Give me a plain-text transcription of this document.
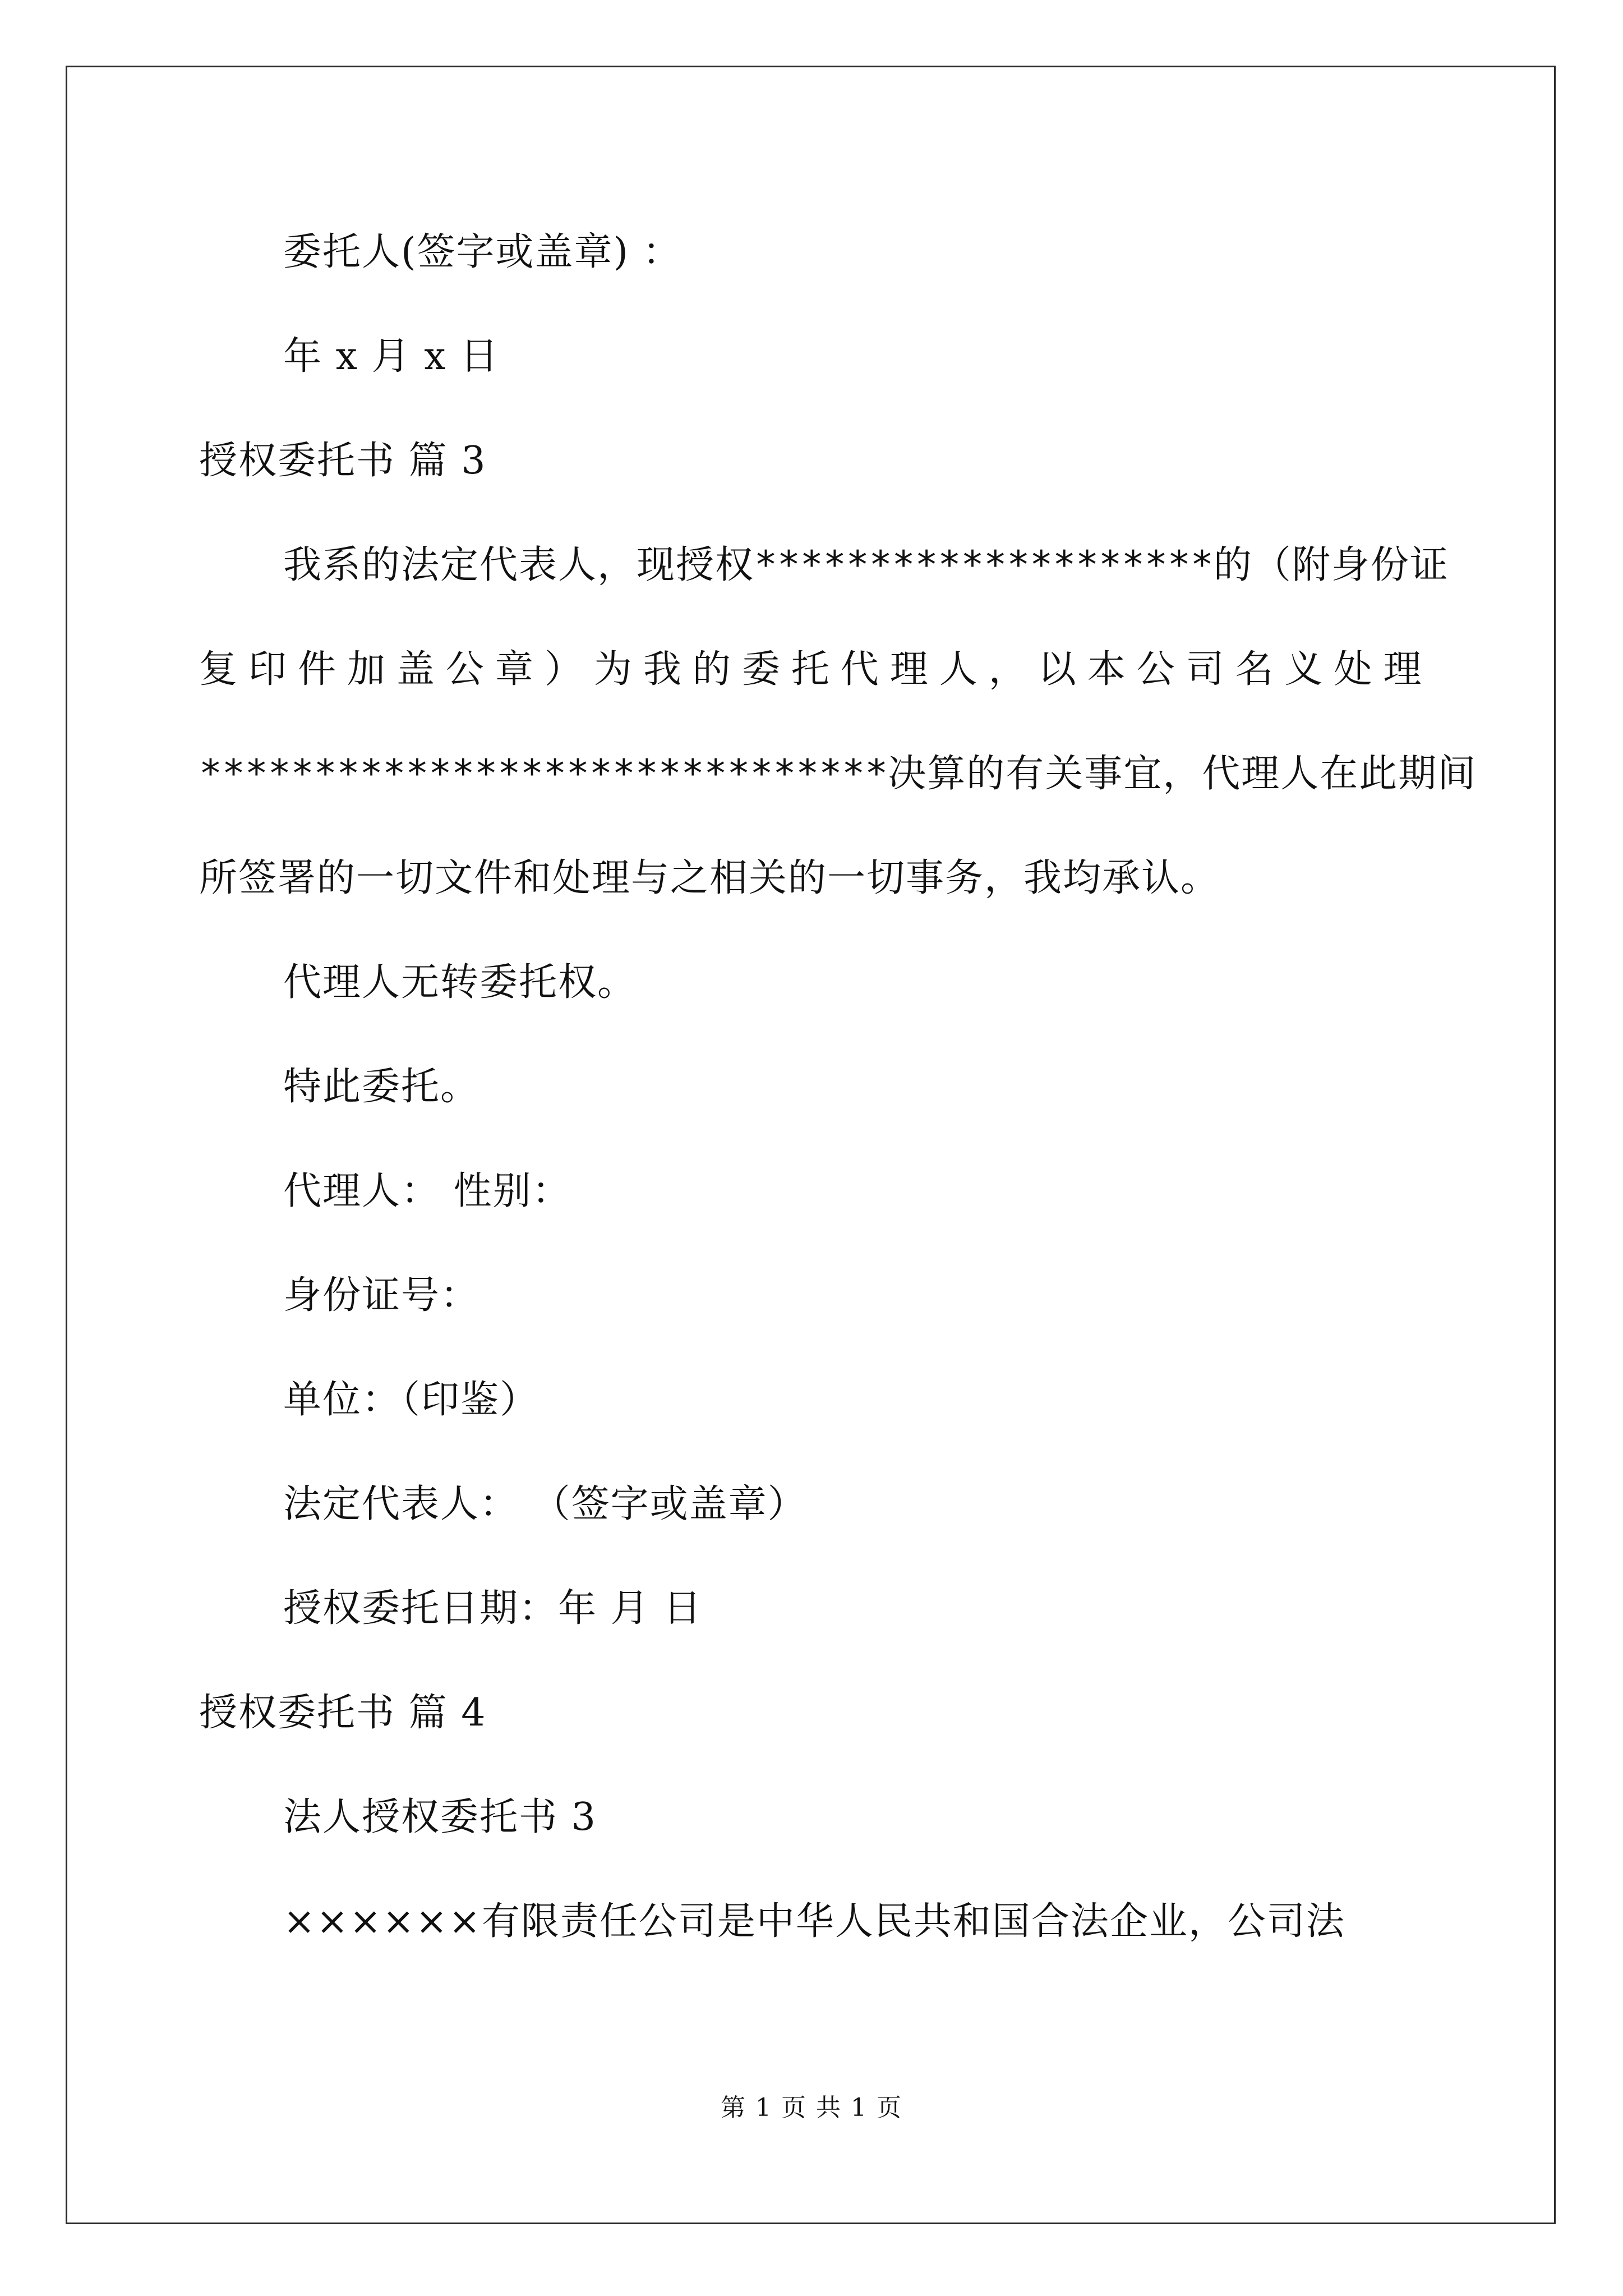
委托人(签字或盖章) ：
年 x 月 x 日
授权委托书 篇 3
我系的法定代表人，现授权********************的（附身份证
复 印 件 加 盖 公 章 ） 为 我 的 委 托 代 理 人 ， 以 本 公 司 名 义 处 理
******************************决算的有关事宜，代理人在此期间
所签署的一切文件和处理与之相关的一切事务，我均承认。
代理人无转委托权。
特此委托。
代理人： 性别：
身份证号：
单位：（印鉴）
法定代表人： （签字或盖章）
授权委托日期：年 月 日
授权委托书 篇 4
法人授权委托书 3
××××××有限责任公司是中华人民共和国合法企业，公司法
第 1 页 共 1 页
